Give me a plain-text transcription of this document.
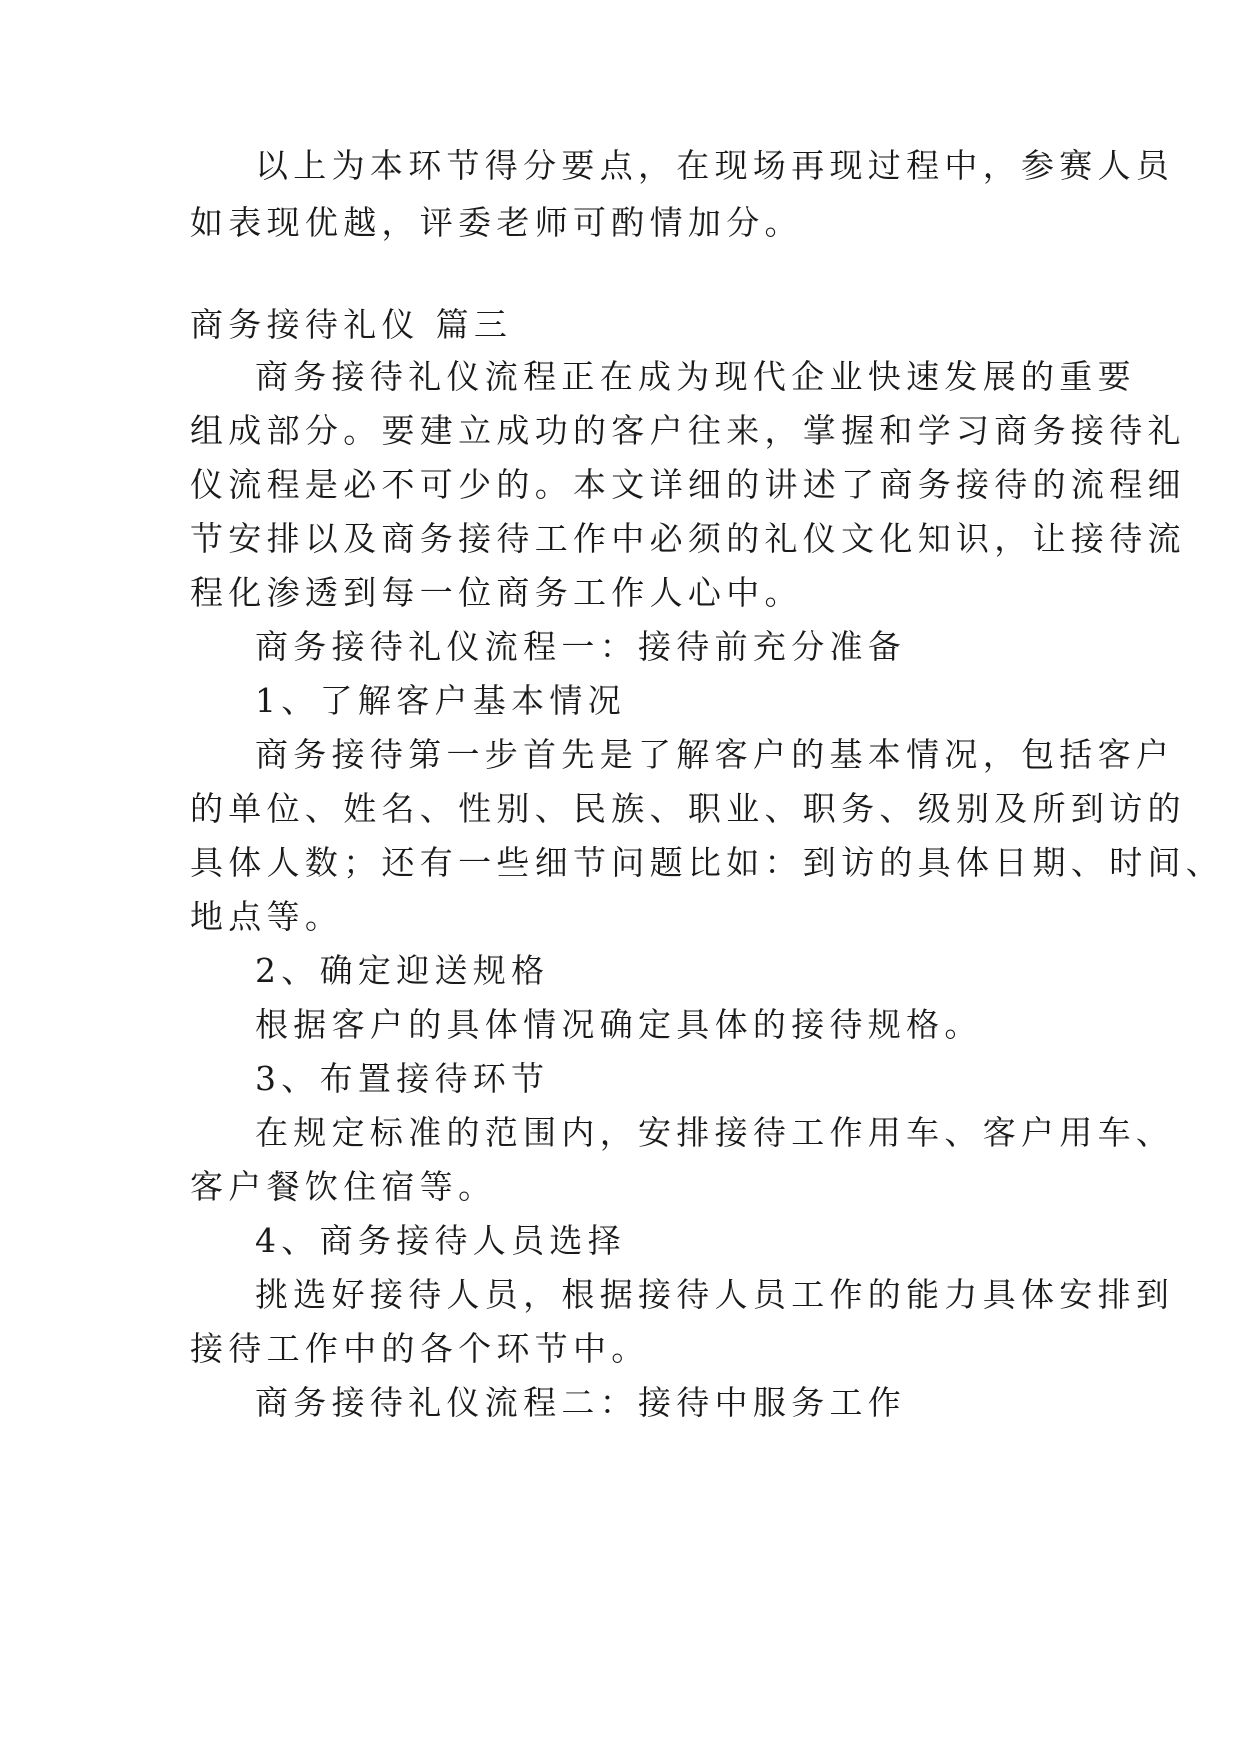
以上为本环节得分要点，在现场再现过程中，参赛人员

如表现优越，评委老师可酌情加分。

商务接待礼仪 篇三

商务接待礼仪流程正在成为现代企业快速发展的重要

组成部分。要建立成功的客户往来，掌握和学习商务接待礼

仪流程是必不可少的。本文详细的讲述了商务接待的流程细

节安排以及商务接待工作中必须的礼仪文化知识，让接待流

程化渗透到每一位商务工作人心中。

商务接待礼仪流程一：接待前充分准备

1、了解客户基本情况

商务接待第一步首先是了解客户的基本情况，包括客户

的单位、姓名、性别、民族、职业、职务、级别及所到访的

具体人数；还有一些细节问题比如：到访的具体日期、时间、

地点等。

2、确定迎送规格

根据客户的具体情况确定具体的接待规格。

3、布置接待环节

在规定标准的范围内，安排接待工作用车、客户用车、

客户餐饮住宿等。

4、商务接待人员选择

挑选好接待人员，根据接待人员工作的能力具体安排到

接待工作中的各个环节中。

商务接待礼仪流程二：接待中服务工作
